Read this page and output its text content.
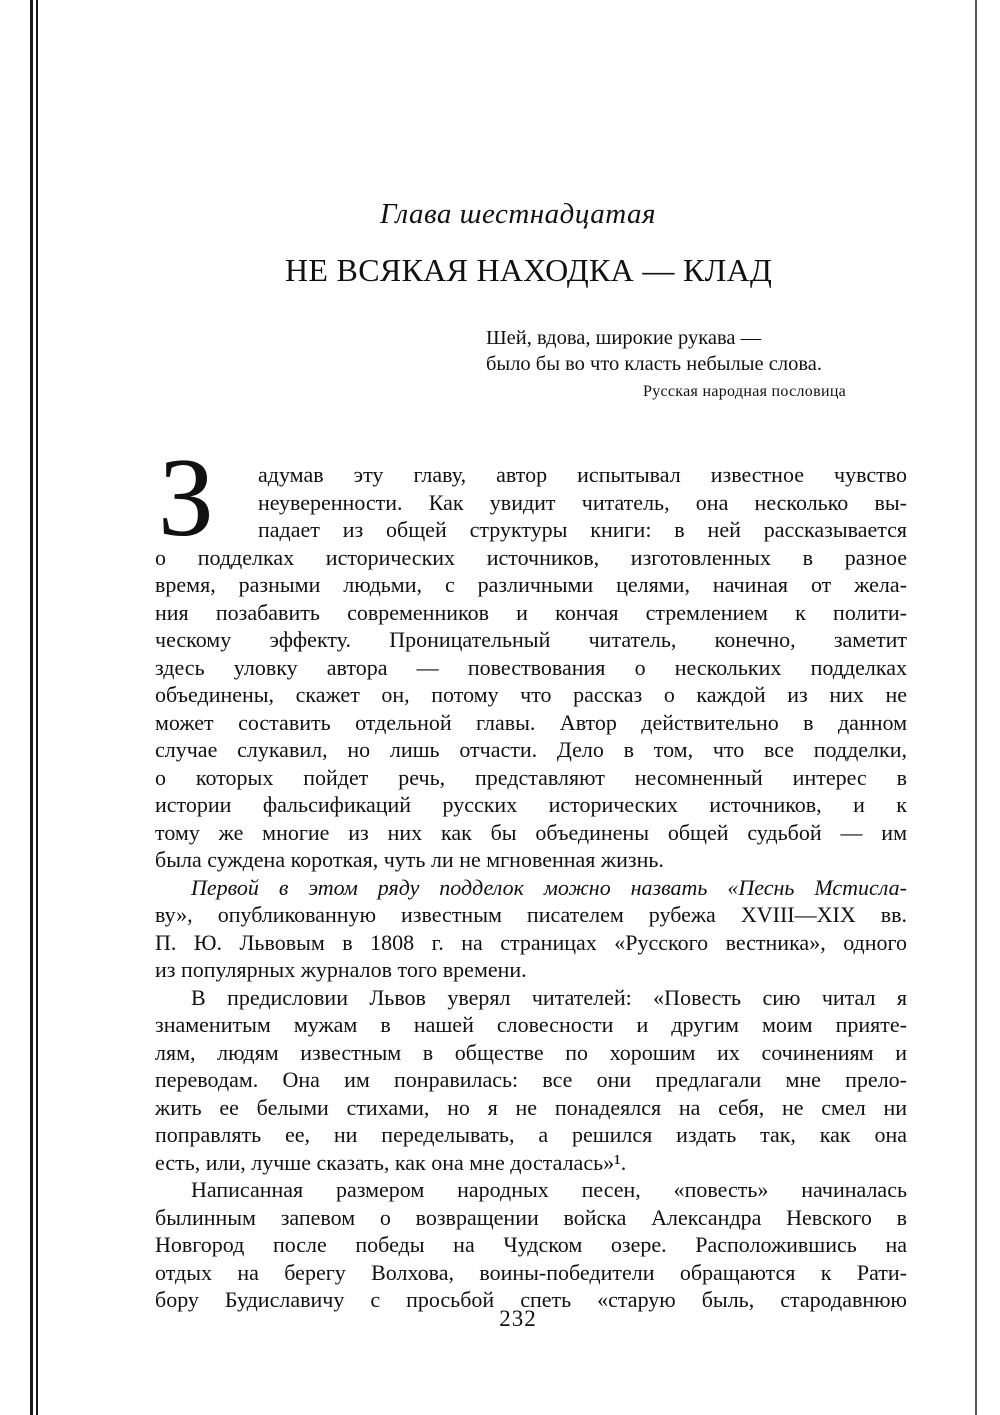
Глава шестнадцатая
НЕ ВСЯКАЯ НАХОДКА — КЛАД
Шей, вдова, широкие рукава —
было бы во что класть небылые слова.
Русская народная пословица
З	адумав эту главу, автор испытывал известное чувство
неуверенности. Как увидит читатель, она несколько вы-
падает из общей структуры книги: в ней рассказывается
о подделках исторических источников, изготовленных в разное
время, разными людьми, с различными целями, начиная от жела-
ния позабавить современников и кончая стремлением к полити-
ческому эффекту. Проницательный читатель, конечно, заметит
здесь уловку автора — повествования о нескольких подделках
объединены, скажет он, потому что рассказ о каждой из них не
может составить отдельной главы. Автор действительно в данном
случае слукавил, но лишь отчасти. Дело в том, что все подделки,
о которых пойдет речь, представляют несомненный интерес в
истории фальсификаций русских исторических источников, и к
тому же многие из них как бы объединены общей судьбой — им
была суждена короткая, чуть ли не мгновенная жизнь.
Первой в этом ряду подделок можно назвать «Песнь Мстисла-
ву», опубликованную известным писателем рубежа XVIII—XIX вв.
П. Ю. Львовым в 1808 г. на страницах «Русского вестника», одного
из популярных журналов того времени.
В предисловии Львов уверял читателей: «Повесть сию читал я
знаменитым мужам в нашей словесности и другим моим прияте-
лям, людям известным в обществе по хорошим их сочинениям и
переводам. Она им понравилась: все они предлагали мне прело-
жить ее белыми стихами, но я не понадеялся на себя, не смел ни
поправлять ее, ни переделывать, а решился издать так, как она
есть, или, лучше сказать, как она мне досталась»¹.
Написанная размером народных песен, «повесть» начиналась
былинным запевом о возвращении войска Александра Невского в
Новгород после победы на Чудском озере. Расположившись на
отдых на берегу Волхова, воины-победители обращаются к Рати-
бору Будиславичу с просьбой спеть «старую быль, стародавнюю
232
